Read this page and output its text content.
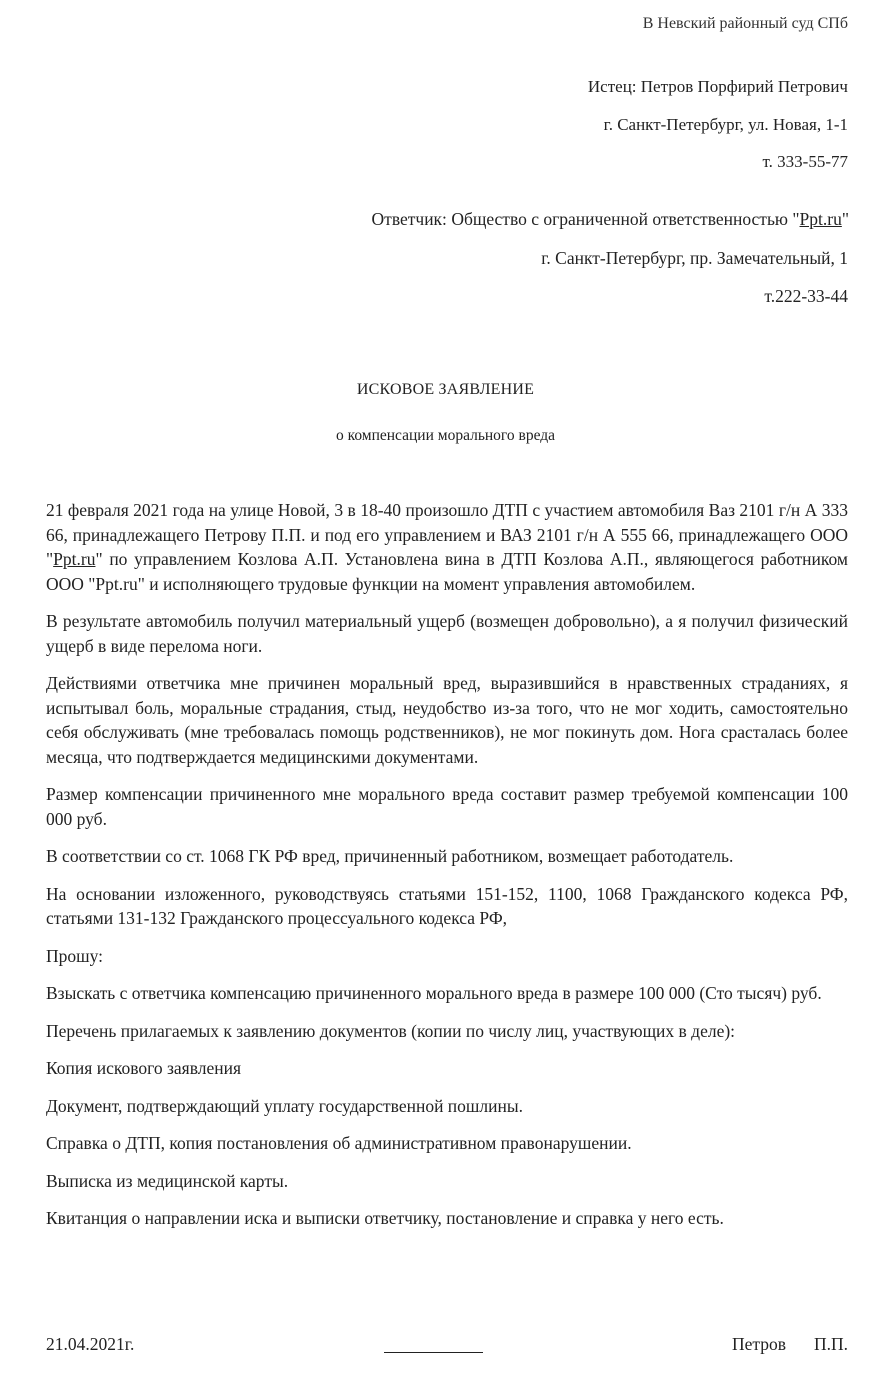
В Невский районный суд СПб
Истец: Петров Порфирий Петрович
г. Санкт-Петербург, ул. Новая, 1-1
т. 333-55-77
Ответчик: Общество с ограниченной ответственностью "Ppt.ru"
г. Санкт-Петербург, пр. Замечательный, 1
т.222-33-44
ИСКОВОЕ ЗАЯВЛЕНИЕ
о компенсации морального вреда

21 февраля 2021 года на улице Новой, 3 в 18-40 произошло ДТП с участием автомобиля Ваз 2101 г/н А 333 66, принадлежащего Петрову П.П. и под его управлением и ВАЗ 2101 г/н А 555 66, принадлежащего ООО "Ppt.ru" по управлением Козлова А.П. Установлена вина в ДТП Козлова А.П., являющегося работником ООО "Ppt.ru" и исполняющего трудовые функции на момент управления автомобилем.

В результате автомобиль получил материальный ущерб (возмещен добровольно), а я получил физический ущерб в виде перелома ноги.

Действиями ответчика мне причинен моральный вред, выразившийся в нравственных страданиях, я испытывал боль, моральные страдания, стыд, неудобство из-за того, что не мог ходить, самостоятельно себя обслуживать (мне требовалась помощь родственников), не мог покинуть дом. Нога срасталась более месяца, что подтверждается медицинскими документами.

Размер компенсации причиненного мне морального вреда составит размер требуемой компенсации 100 000 руб.

В соответствии со ст. 1068 ГК РФ вред, причиненный работником, возмещает работодатель.

На основании изложенного, руководствуясь статьями 151-152, 1100, 1068 Гражданского кодекса РФ, статьями 131-132 Гражданского процессуального кодекса РФ,

Прошу:

Взыскать с ответчика компенсацию причиненного морального вреда в размере 100 000 (Сто тысяч) руб.

Перечень прилагаемых к заявлению документов (копии по числу лиц, участвующих в деле):

Копия искового заявления

Документ, подтверждающий уплату государственной пошлины.

Справка о ДТП, копия постановления об административном правонарушении.

Выписка из медицинской карты.

Квитанция о направлении иска и выписки ответчику, постановление и справка у него есть.

21.04.2021г.	Петров П.П.
